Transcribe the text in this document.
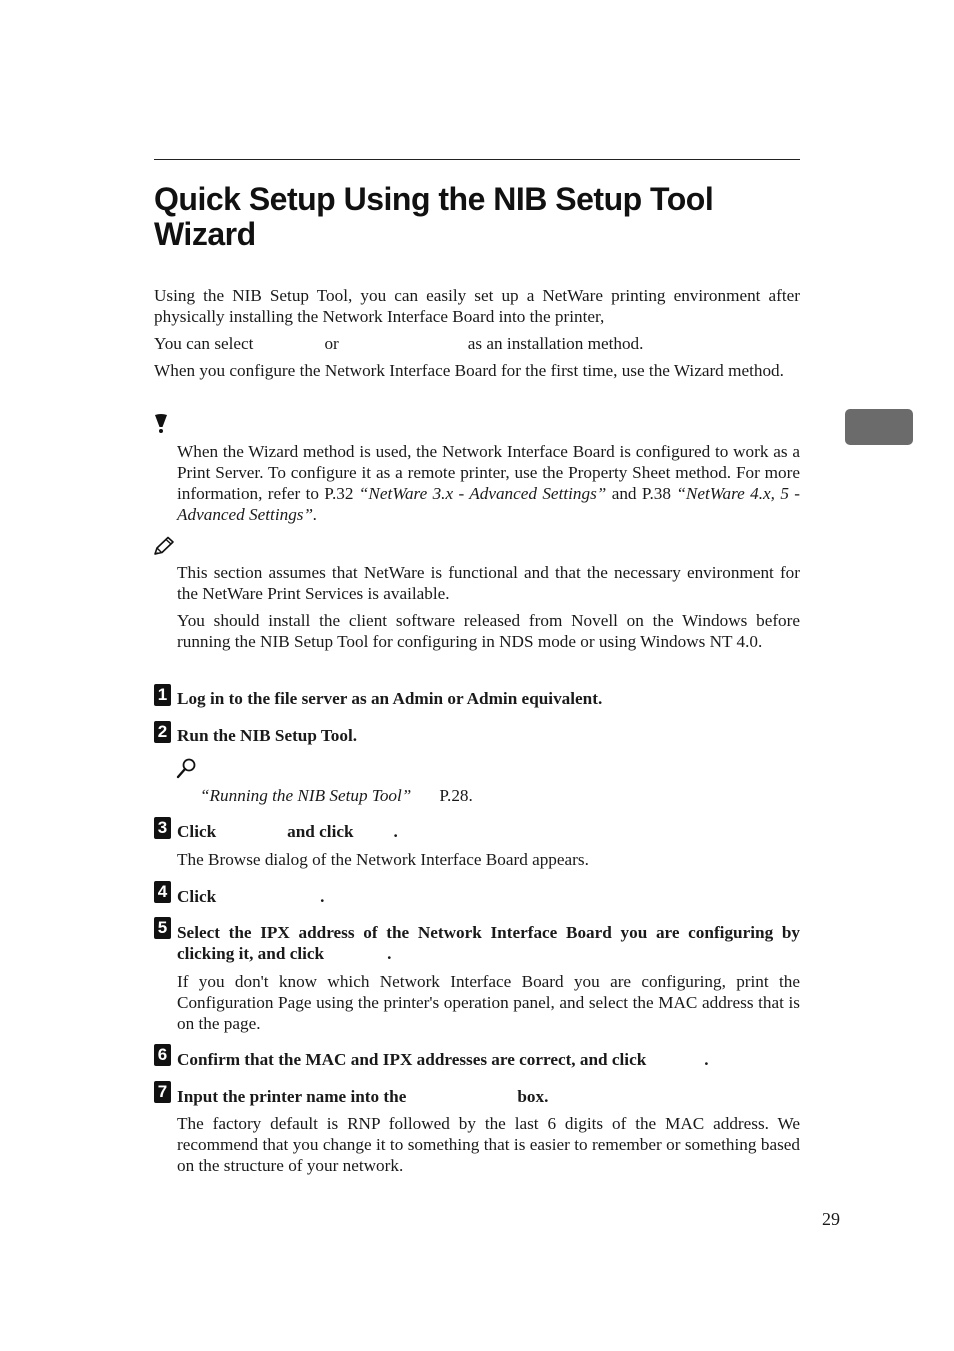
Quick Setup Using the NIB Setup Tool Wizard

Using the NIB Setup Tool, you can easily set up a NetWare printing environment after physically installing the Network Interface Board into the printer,

You can select	or	as an installation method.

When you configure the Network Interface Board for the first time, use the Wizard method.

When the Wizard method is used, the Network Interface Board is configured to work as a Print Server. To configure it as a remote printer, use the Property Sheet method. For more information, refer to P.32 “NetWare 3.x - Advanced Settings” and P.38 “NetWare 4.x, 5 - Advanced Settings”.

This section assumes that NetWare is functional and that the necessary environment for the NetWare Print Services is available.

You should install the client software released from Novell on the Windows before running the NIB Setup Tool for configuring in NDS mode or using Windows NT 4.0.

1 Log in to the file server as an Admin or Admin equivalent.

2 Run the NIB Setup Tool.

“Running the NIB Setup Tool” P.28.

3 Click	and click .

The Browse dialog of the Network Interface Board appears.

4 Click	.

5 Select the IPX address of the Network Interface Board you are configuring by clicking it, and click	.

If you don't know which Network Interface Board you are configuring, print the Configuration Page using the printer's operation panel, and select the MAC address that is on the page.

6 Confirm that the MAC and IPX addresses are correct, and click	.

7 Input the printer name into the	box.

The factory default is RNP followed by the last 6 digits of the MAC address. We recommend that you change it to something that is easier to remember or something based on the structure of your network.

29
